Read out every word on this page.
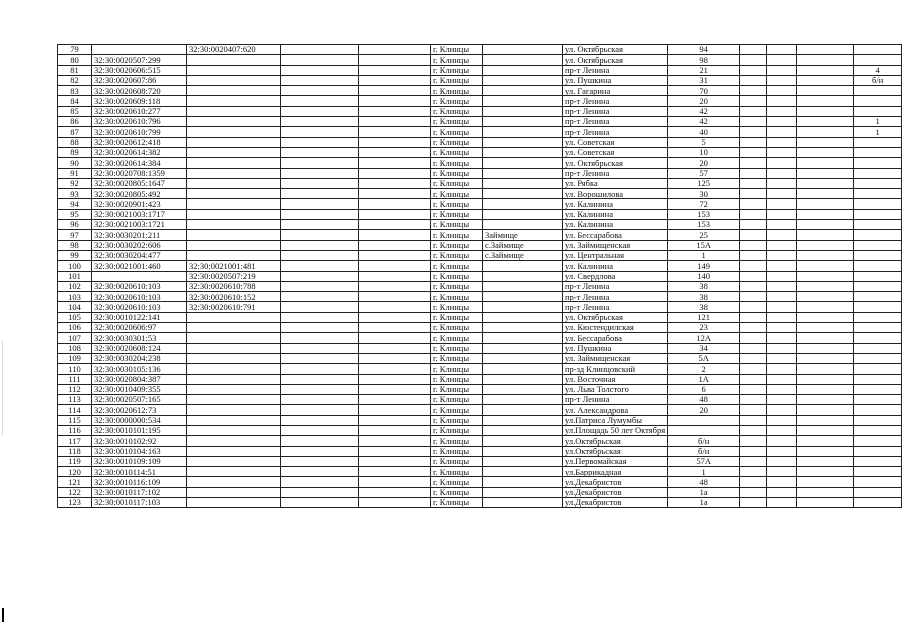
79		32:30:0020407:620			г. Клинцы		ул. Октябрьская	94				
80	32:30:0020507:299				г. Клинцы		ул. Октябрьская	98				
81	32:30:0020606:515				г. Клинцы		пр-т Ленина	21				4
82	32:30:0020607:86				г. Клинцы		ул. Пушкина	31				б/н
83	32:30:0020608:720				г. Клинцы		ул. Гагарина	70				
84	32:30:0020609:118				г. Клинцы		пр-т Ленина	20				
85	32:30:0020610:277				г. Клинцы		пр-т Ленина	42				
86	32:30:0020610:796				г. Клинцы		пр-т Ленина	42				1
87	32:30:0020610:799				г. Клинцы		пр-т Ленина	40				1
88	32:30:0020612:418				г. Клинцы		ул. Советская	5				
89	32:30:0020614:382				г. Клинцы		ул. Советская	10				
90	32:30:0020614:384				г. Клинцы		ул. Октябрьская	20				
91	32:30:0020708:1359				г. Клинцы		пр-т Ленина	57				
92	32:30:0020805:1647				г. Клинцы		ул. Рябка	125				
93	32:30:0020805:492				г. Клинцы		ул. Ворошилова	30				
94	32:30:0020901:423				г. Клинцы		ул. Калинина	72				
95	32:30:0021003:1717				г. Клинцы		ул. Калинина	153				
96	32:30:0021003:1721				г. Клинцы		ул. Калинина	153				
97	32:30:0030201:211				г. Клинцы	Займище	ул. Бессарабова	25				
98	32:30:0030202:606				г. Клинцы	с.Займище	ул. Займищенская	15А				
99	32:30:0030204:477				г. Клинцы	с.Займище	ул. Центральная	1				
100	32:30:0021001:460	32:30:0021001:481			г. Клинцы		ул. Калинина	149				
101		32:30:0020507:219			г. Клинцы		ул. Свердлова	140				
102	32:30:0020610:103	32:30:0020610:788			г. Клинцы		пр-т Ленина	38				
103	32:30:0020610:103	32:30:0020610:152			г. Клинцы		пр-т Ленина	38				
104	32:30:0020610:103	32:30:0020610:791			г. Клинцы		пр-т Ленина	38				
105	32:30:0010122:141				г. Клинцы		ул. Октябрьская	121				
106	32:30:0020606:97				г. Клинцы		ул. Кюстендилская	23				
107	32:30:0030301:53				г. Клинцы		ул. Бессарабова	12А				
108	32:30:0020608:124				г. Клинцы		ул. Пушкина	34				
109	32:30:0030204:238				г. Клинцы		ул. Займищенская	5А				
110	32:30:0030105:136				г. Клинцы		пр-зд Клинцовский	2				
111	32:30:0020804:387				г. Клинцы		ул. Восточная	1А				
112	32:30:0010409:355				г. Клинцы		ул. Льва Толстого	6				
113	32:30:0020507:165				г. Клинцы		пр-т Ленина	48				
114	32:30:0020612:73				г. Клинцы		ул. Александрова	20				
115	32:30:0000000:534				г. Клинцы		ул.Патриса Лумумбы					
116	32:30:0010101:195				г. Клинцы		ул.Площадь 50 лет Октября					
117	32:30:0010102:92				г. Клинцы		ул.Октябрьская	б/н				
118	32:30:0010104:163				г. Клинцы		ул.Октябрьская	б/н				
119	32:30:0010109:109				г. Клинцы		ул.Первомайская	57А				
120	32:30:0010114:51				г. Клинцы		ул.Баррикадная	1				
121	32:30:0010116:109				г. Клинцы		ул.Декабристов	48				
122	32:30:0010117:102				г. Клинцы		ул.Декабристов	1а				
123	32:30:0010117:103				г. Клинцы		ул.Декабристов	1а				
